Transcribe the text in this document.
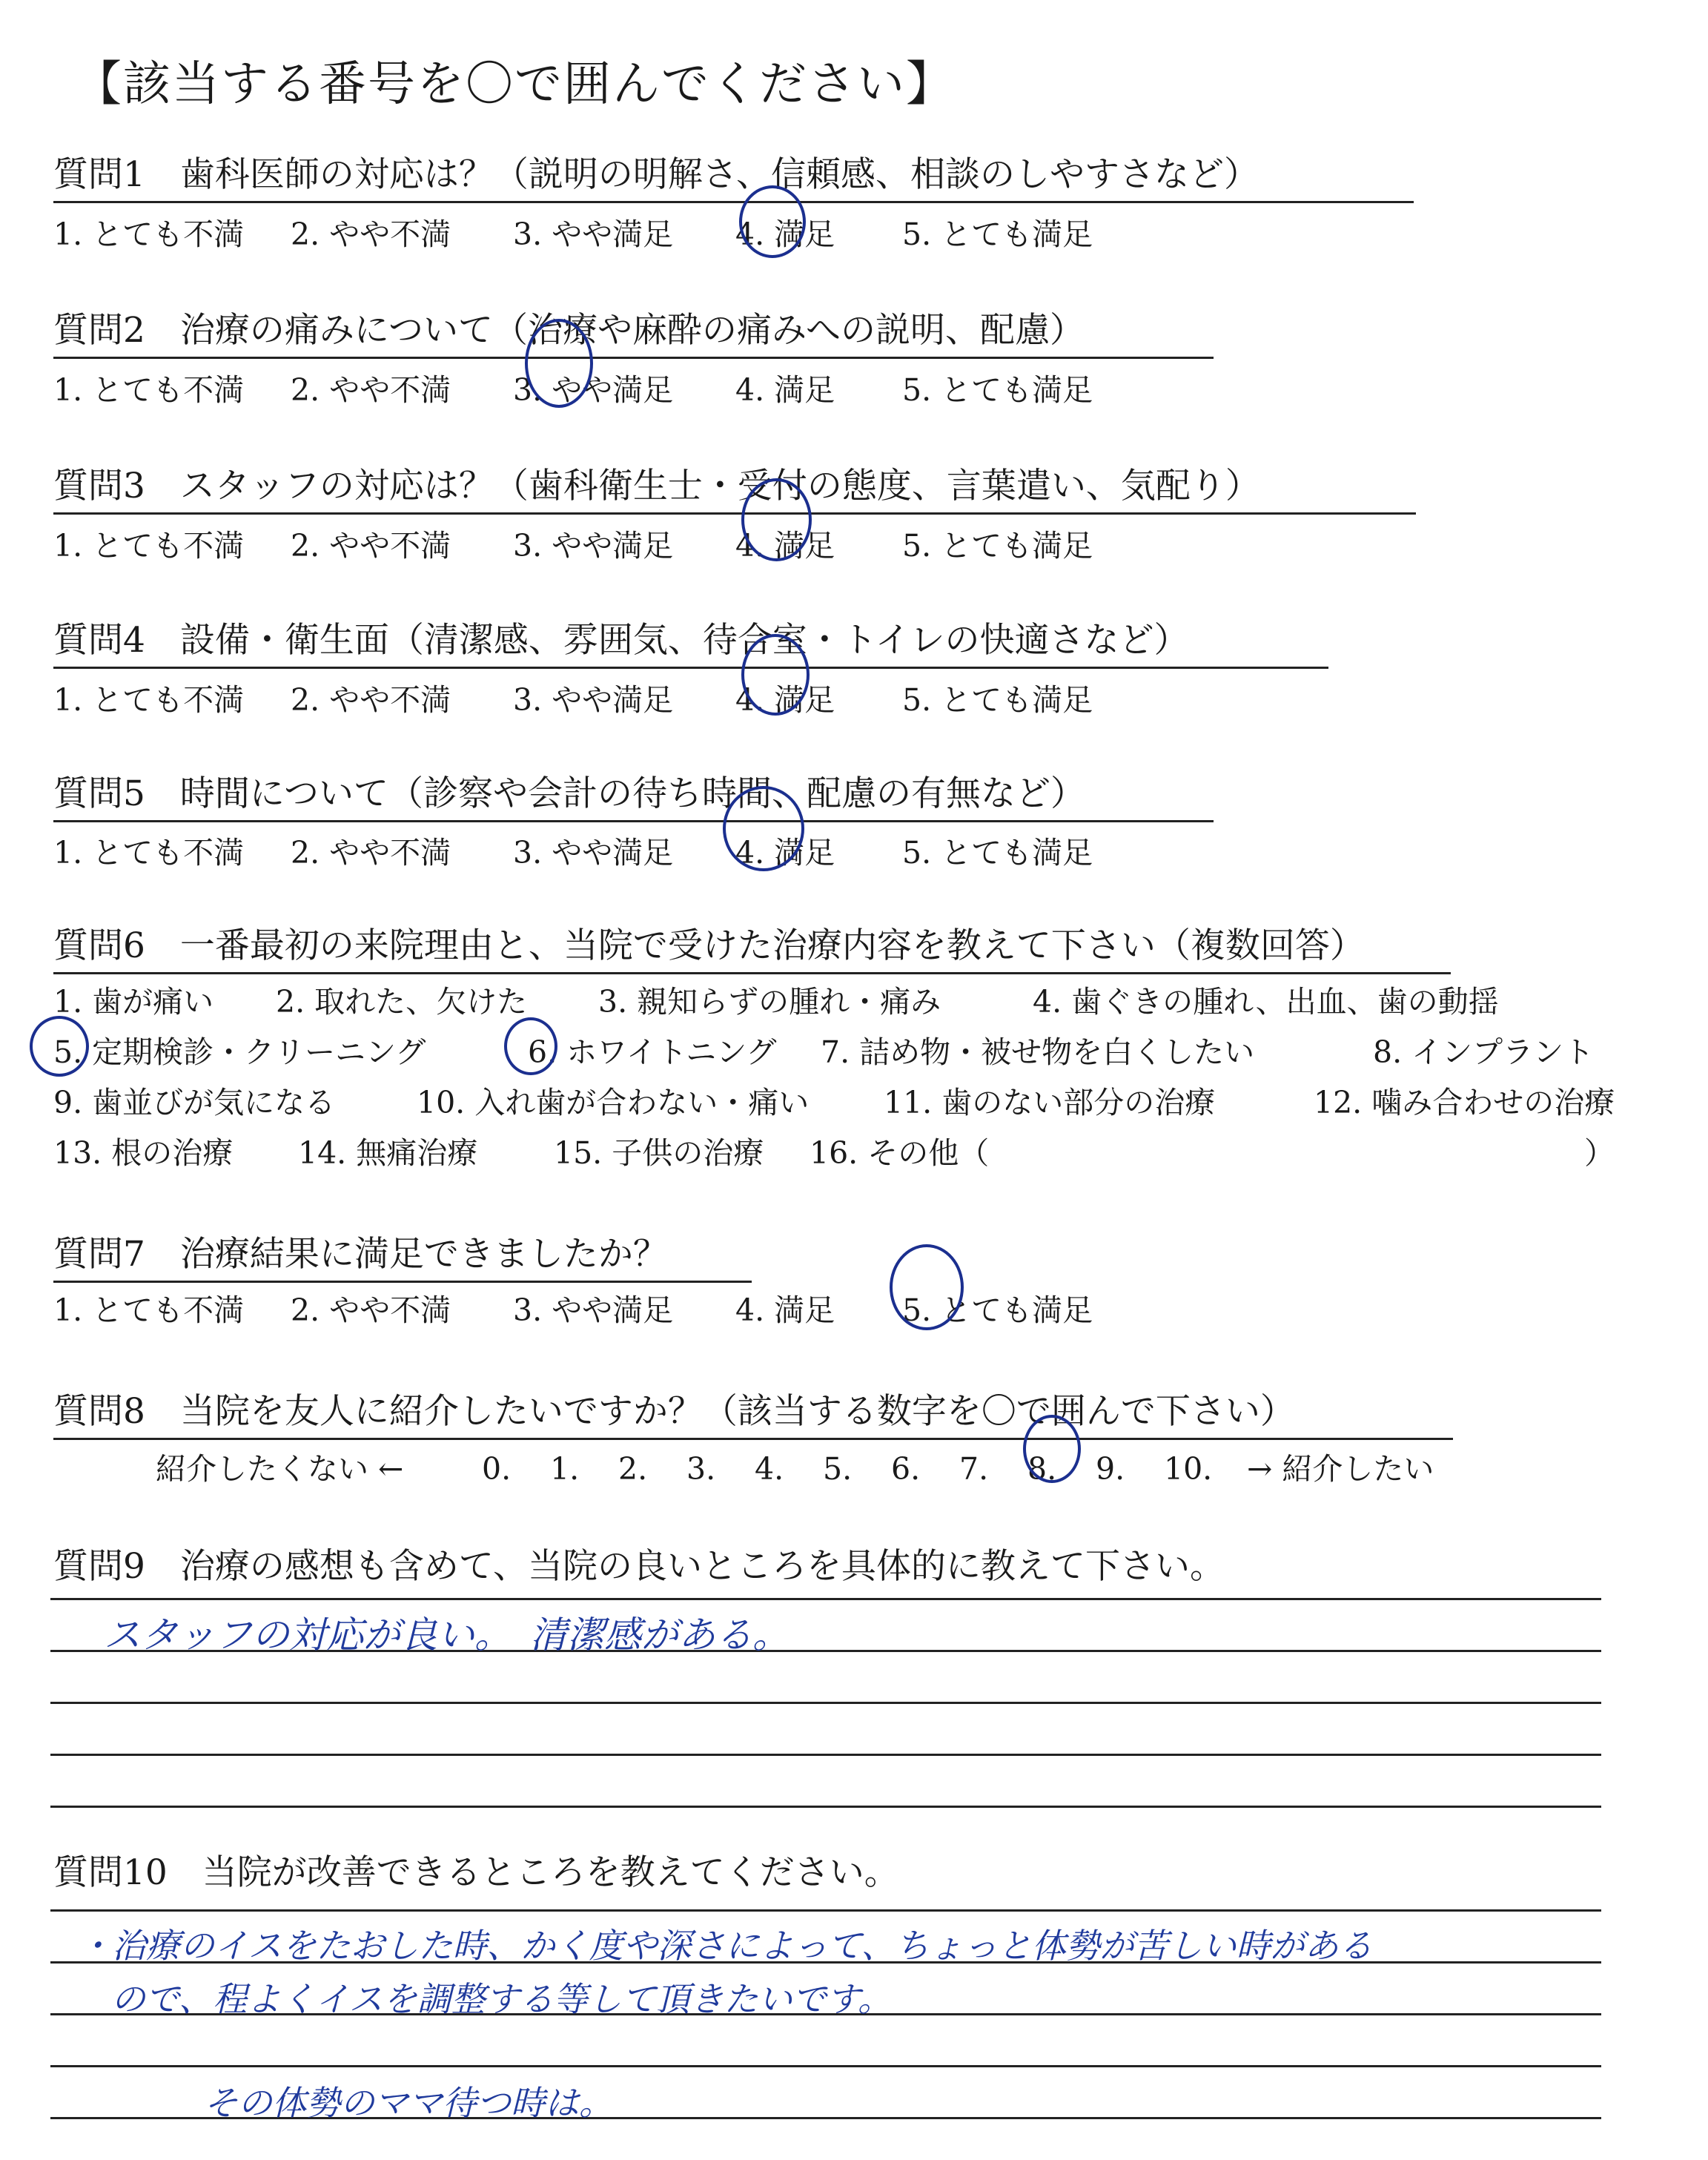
【該当する番号を〇で囲んでください】
質問1　歯科医師の対応は？（説明の明解さ、信頼感、相談のしやすさなど）
1. とても不満 2. やや不満 3. やや満足 4. 満足 5. とても満足
質問2　治療の痛みについて（治療や麻酔の痛みへの説明、配慮）
1. とても不満 2. やや不満 3. やや満足 4. 満足 5. とても満足
質問3　スタッフの対応は？（歯科衛生士・受付の態度、言葉遣い、気配り）
1. とても不満 2. やや不満 3. やや満足 4. 満足 5. とても満足
質問4　設備・衛生面（清潔感、雰囲気、待合室・トイレの快適さなど）
1. とても不満 2. やや不満 3. やや満足 4. 満足 5. とても満足
質問5　時間について（診察や会計の待ち時間、配慮の有無など）
1. とても不満 2. やや不満 3. やや満足 4. 満足 5. とても満足
質問6　一番最初の来院理由と、当院で受けた治療内容を教えて下さい（複数回答）
1. 歯が痛い 2. 取れた、欠けた 3. 親知らずの腫れ・痛み	4. 歯ぐきの腫れ、出血、歯の動揺
5. 定期検診・クリーニング	6. ホワイトニング 7. 詰め物・被せ物を白くしたい	8. インプラント
9. 歯並びが気になる	10. 入れ歯が合わない・痛い 11. 歯のない部分の治療	12. 噛み合わせの治療
13. 根の治療 14. 無痛治療	15. 子供の治療 16. その他（	）
質問7　治療結果に満足できましたか？
1. とても不満 2. やや不満 3. やや満足 4. 満足 5. とても満足
質問8　当院を友人に紹介したいですか？（該当する数字を〇で囲んで下さい）
紹介したくない ←	0. 1. 2. 3. 4. 5. 6. 7. 8. 9. 10. → 紹介したい
質問9　治療の感想も含めて、当院の良いところを具体的に教えて下さい。
スタッフの対応が良い。　清潔感がある。
質問10　当院が改善できるところを教えてください。
・治療のイスをたおした時、かく度や深さによって、ちょっと体勢が苦しい時がある
ので、程よくイスを調整する等して頂きたいです。
その体勢のママ待つ時は。
